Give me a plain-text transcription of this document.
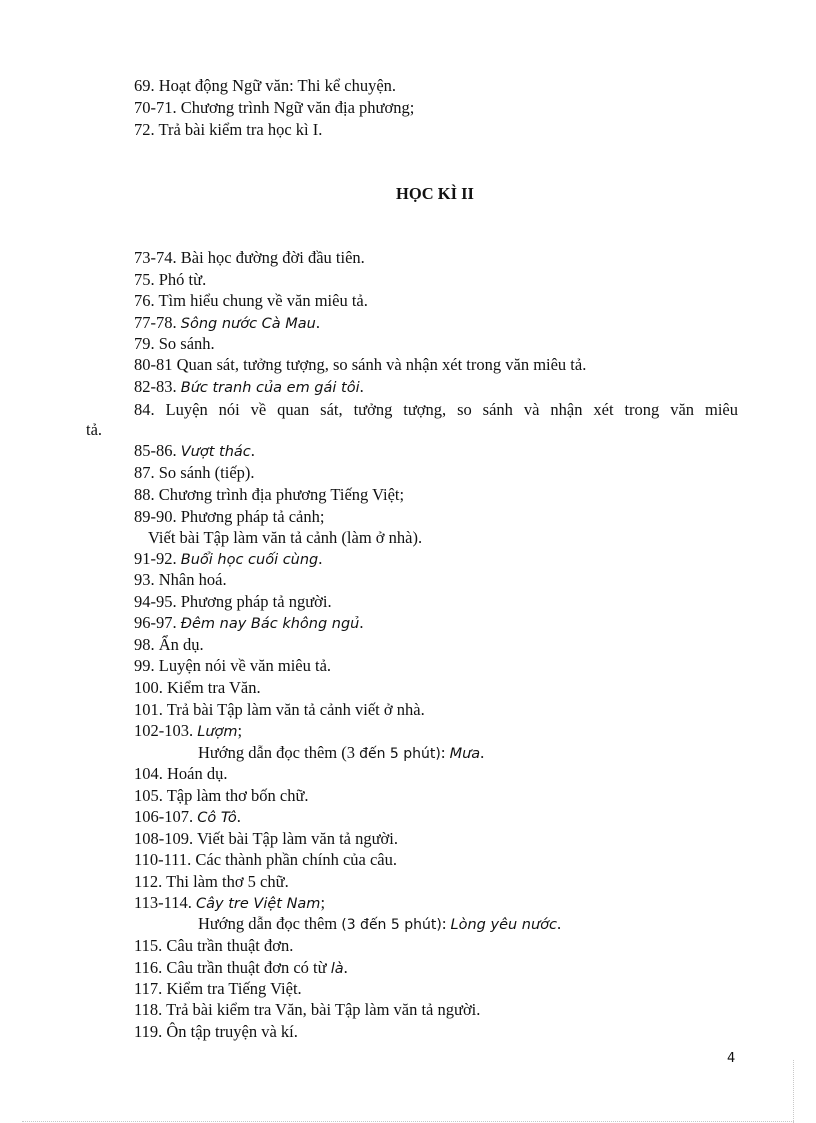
69. Hoạt động Ngữ văn: Thi kể chuyện.
70-71. Chương trình Ngữ văn địa phương;
72. Trả bài kiểm tra học kì I.
HỌC KÌ II
73-74. Bài học đường đời đầu tiên.
75. Phó từ.
76. Tìm hiểu chung về văn miêu tả.
77-78. Sông nước Cà Mau.
79. So sánh.
80-81 Quan sát, tưởng tượng, so sánh và nhận xét trong văn miêu tả.
82-83. Bức tranh của em gái tôi.
84. Luyện nói về quan sát, tưởng tượng, so sánh và nhận xét trong văn miêu
tả.
85-86. Vượt thác.
87. So sánh (tiếp).
88. Chương trình địa phương Tiếng Việt;
89-90. Phương pháp tả cảnh;
Viết bài Tập làm văn tả cảnh (làm ở nhà).
91-92. Buổi học cuối cùng.
93. Nhân hoá.
94-95. Phương pháp tả người.
96-97. Đêm nay Bác không ngủ.
98. Ẩn dụ.
99. Luyện nói về văn miêu tả.
100. Kiểm tra Văn.
101. Trả bài Tập làm văn tả cảnh viết ở nhà.
102-103. Lượm;
Hướng dẫn đọc thêm (3 đến 5 phút): Mưa.
104. Hoán dụ.
105. Tập làm thơ bốn chữ.
106-107. Cô Tô.
108-109. Viết bài Tập làm văn tả người.
110-111. Các thành phần chính của câu.
112. Thi làm thơ 5 chữ.
113-114. Cây tre Việt Nam;
Hướng dẫn đọc thêm (3 đến 5 phút): Lòng yêu nước.
115. Câu trần thuật đơn.
116. Câu trần thuật đơn có từ là.
117. Kiểm tra Tiếng Việt.
118. Trả bài kiểm tra Văn, bài Tập làm văn tả người.
119. Ôn tập truyện và kí.
4
